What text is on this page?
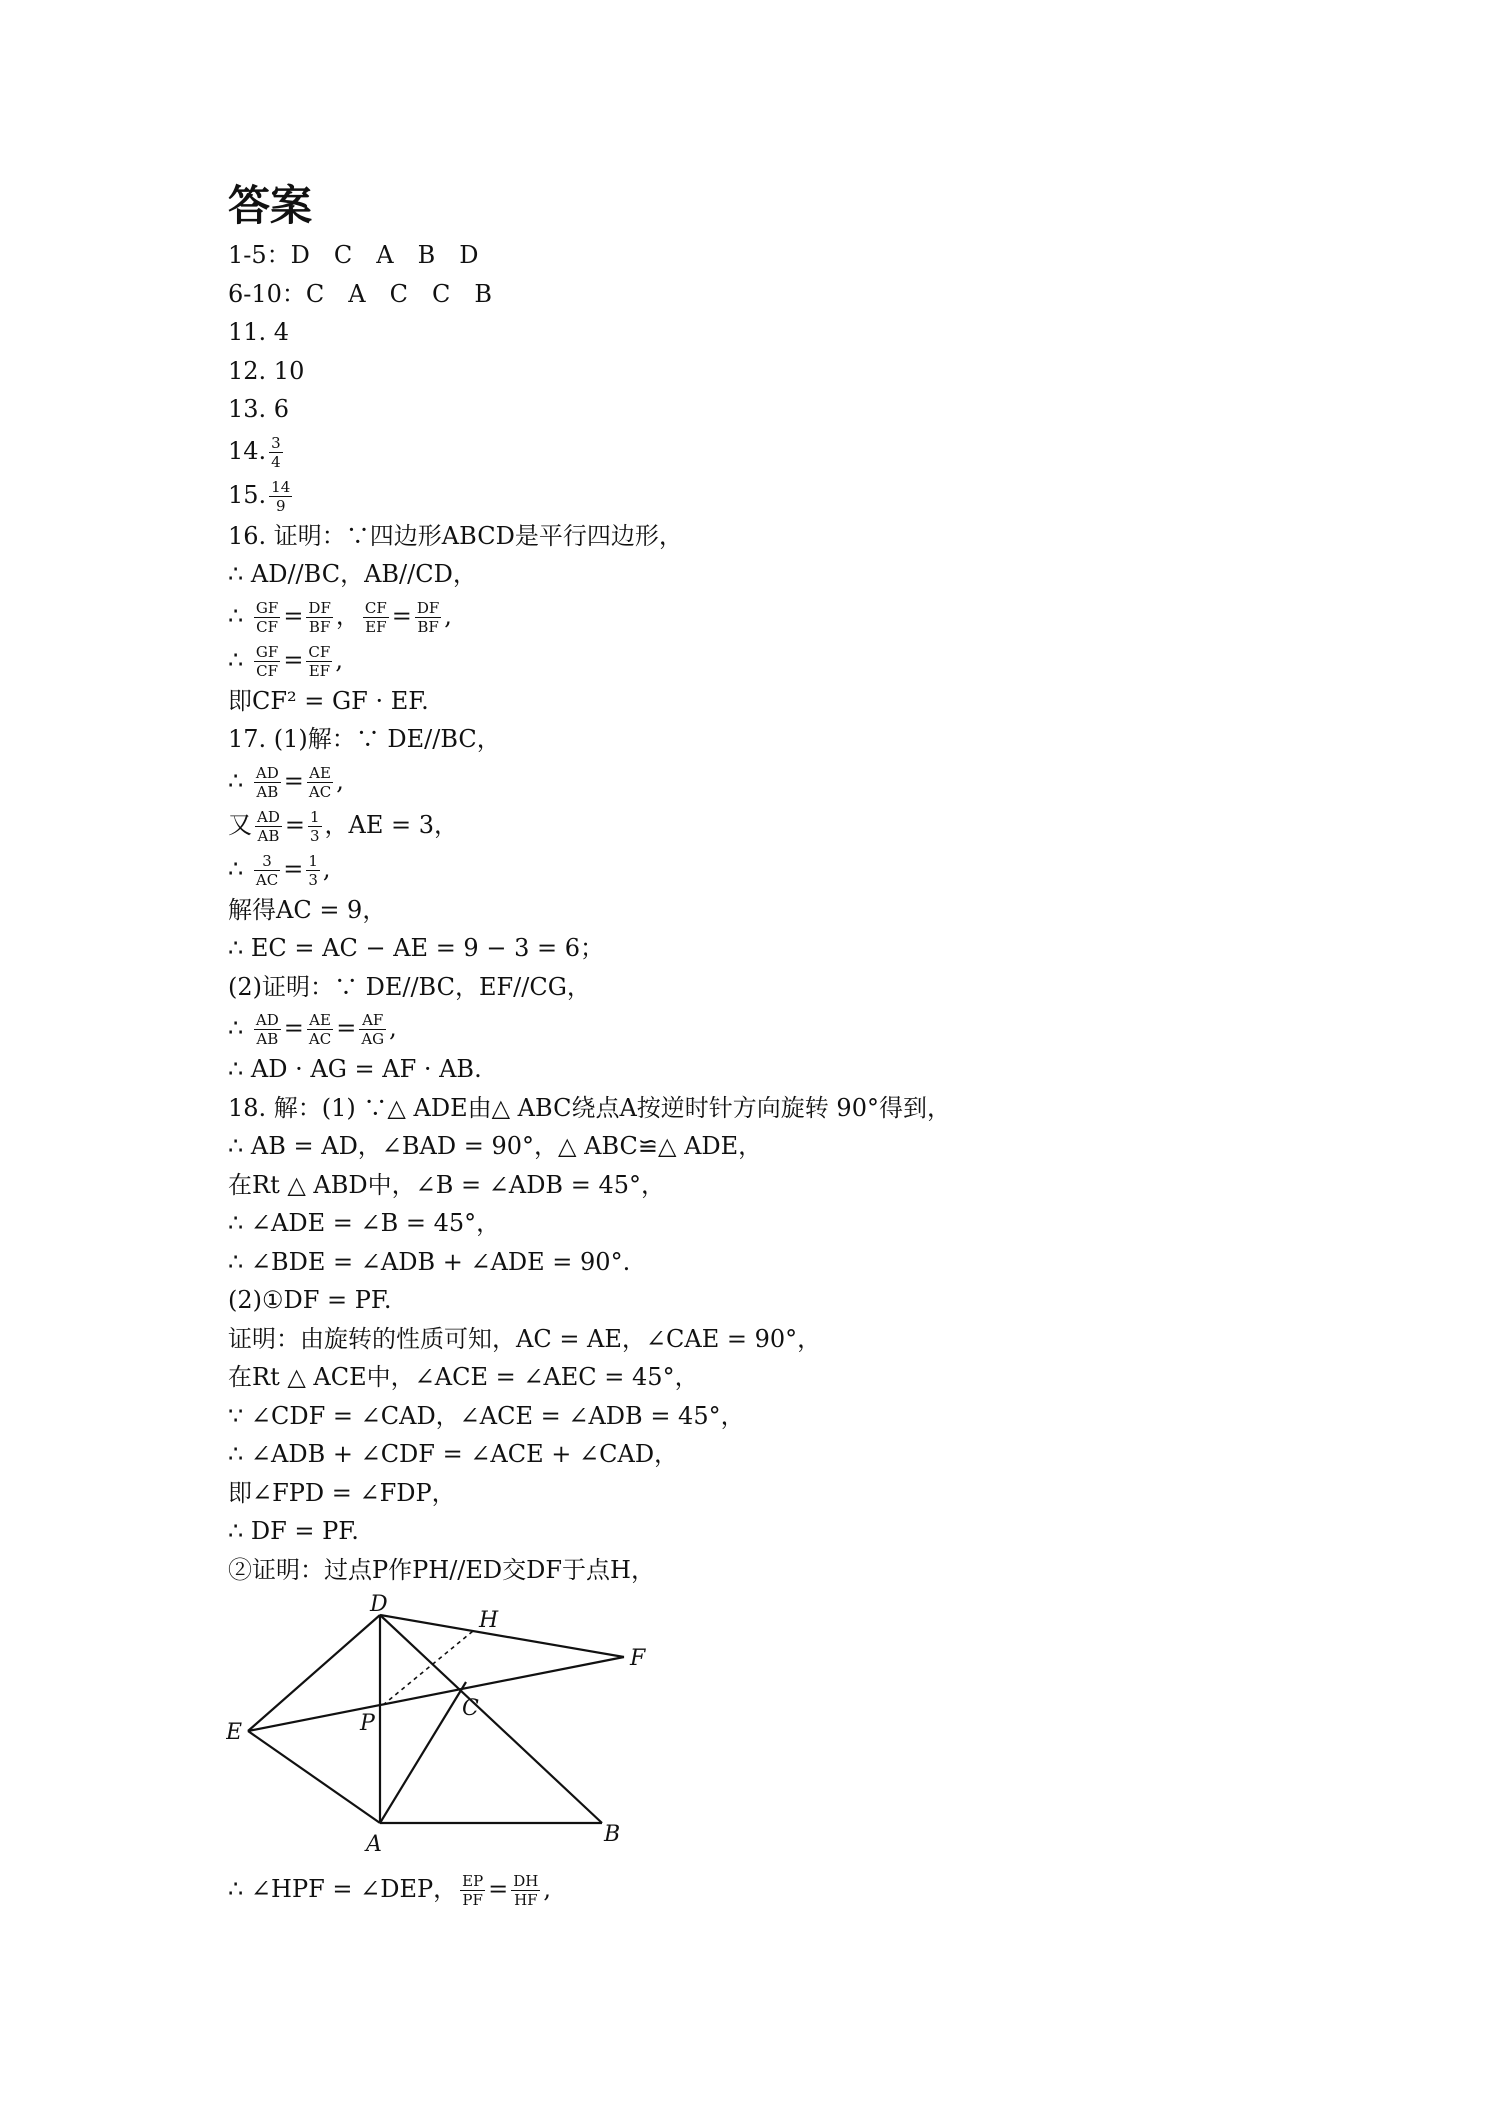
答案
1-5：D　C　A　B　D
6-10：C　A　C　C　B
11. 4
12. 10
13. 6
14. $\frac{3}{4}$
15. $\frac{14}{9}$
16. 证明：∵四边形ABCD是平行四边形，
∴ AD//BC，AB//CD，
∴ $\frac{GF}{CF} = \frac{DF}{BF}$ ， $\frac{CF}{EF} = \frac{DF}{BF}$ ,
∴ $\frac{GF}{CF} = \frac{CF}{EF}$ ,
即CF² = GF · EF.
17. (1)解：∵ DE//BC，
∴ $\frac{AD}{AB} = \frac{AE}{AC}$ ,
又 $\frac{AD}{AB} = \frac{1}{3}$ ，AE = 3，
∴ $\frac{3}{AC} = \frac{1}{3}$ ,
解得AC = 9，
∴ EC = AC − AE = 9 − 3 = 6；
(2)证明：∵ DE//BC，EF//CG，
∴ $\frac{AD}{AB} = \frac{AE}{AC} = \frac{AF}{AG}$ ,
∴ AD · AG = AF · AB.
18. 解：(1) ∵△ ADE由△ ABC绕点A按逆时针方向旋转 90°得到，
∴ AB = AD，∠BAD = 90°，△ ABC≌△ ADE，
在Rt △ ABD中，∠B = ∠ADB = 45°，
∴ ∠ADE = ∠B = 45°，
∴ ∠BDE = ∠ADB + ∠ADE = 90°.
(2)①DF = PF.
证明：由旋转的性质可知，AC = AE，∠CAE = 90°，
在Rt △ ACE中，∠ACE = ∠AEC = 45°，
∵ ∠CDF = ∠CAD，∠ACE = ∠ADB = 45°，
∴ ∠ADB + ∠CDF = ∠ACE + ∠CAD，
即∠FPD = ∠FDP，
∴ DF = PF.
②证明：过点P作PH//ED交DF于点H，
D
H
F
E	P
C
A	B
∴ ∠HPF = ∠DEP， $\frac{EP}{PF} = \frac{DH}{HF}$ ,
